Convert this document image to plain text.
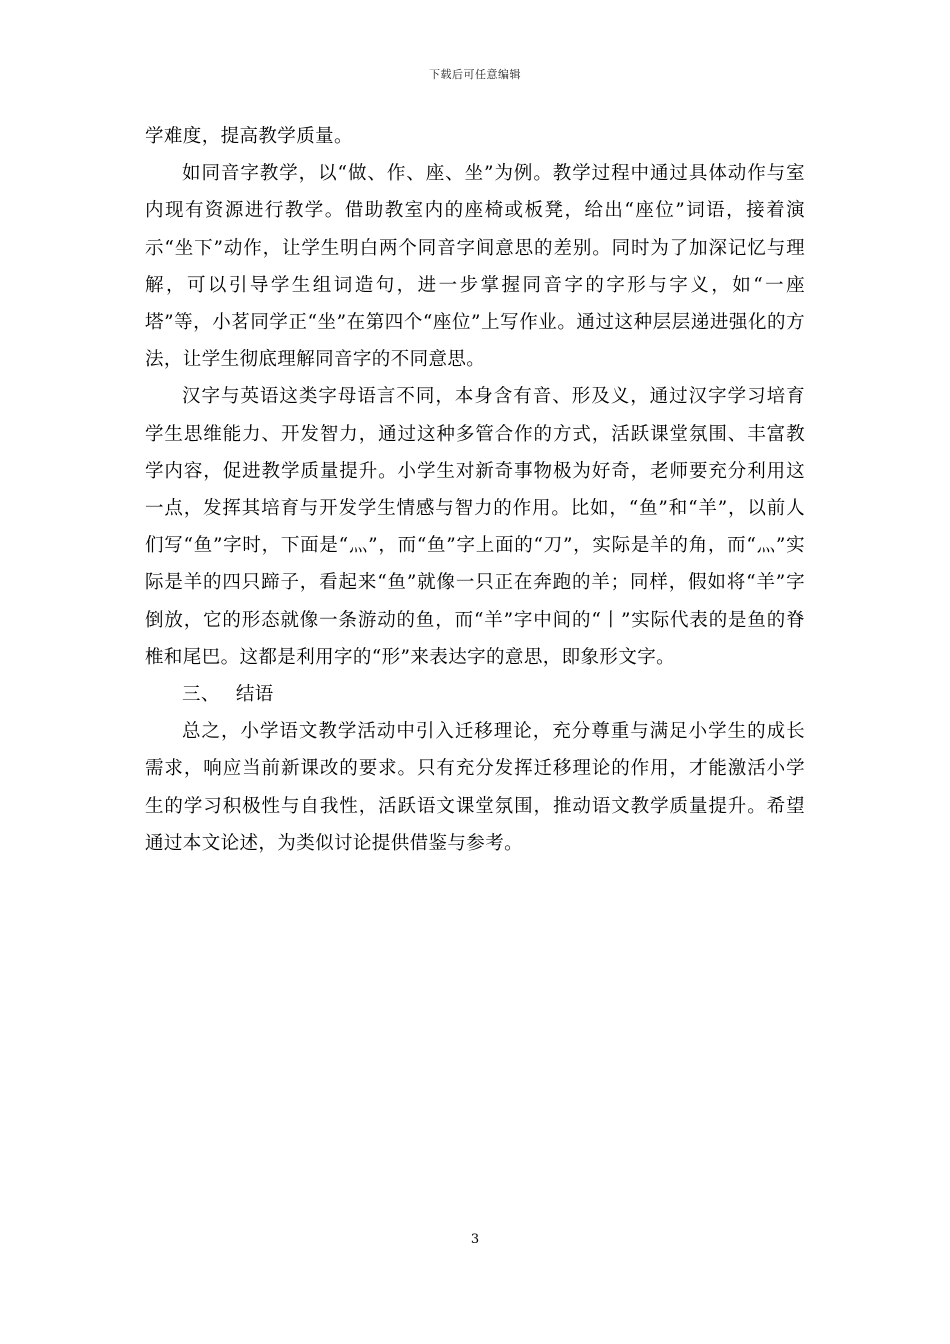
下载后可任意编辑

学难度，提高教学质量。

如同音字教学，以“做、作、座、坐”为例。教学过程中通过具体动作与室内现有资源进行教学。借助教室内的座椅或板凳，给出“座位”词语，接着演示“坐下”动作，让学生明白两个同音字间意思的差别。同时为了加深记忆与理解，可以引导学生组词造句，进一步掌握同音字的字形与字义，如“一座塔”等，小茗同学正“坐”在第四个“座位”上写作业。通过这种层层递进强化的方法，让学生彻底理解同音字的不同意思。

汉字与英语这类字母语言不同，本身含有音、形及义，通过汉字学习培育学生思维能力、开发智力，通过这种多管合作的方式，活跃课堂氛围、丰富教学内容，促进教学质量提升。小学生对新奇事物极为好奇，老师要充分利用这一点，发挥其培育与开发学生情感与智力的作用。比如，“鱼”和“羊”，以前人们写“鱼”字时，下面是“灬”，而“鱼”字上面的“刀”，实际是羊的角，而“灬”实际是羊的四只蹄子，看起来“鱼”就像一只正在奔跑的羊；同样，假如将“羊”字倒放，它的形态就像一条游动的鱼，而“羊”字中间的“丨”实际代表的是鱼的脊椎和尾巴。这都是利用字的“形”来表达字的意思，即象形文字。

三、 结语

总之，小学语文教学活动中引入迁移理论，充分尊重与满足小学生的成长需求，响应当前新课改的要求。只有充分发挥迁移理论的作用，才能激活小学生的学习积极性与自我性，活跃语文课堂氛围，推动语文教学质量提升。希望通过本文论述，为类似讨论提供借鉴与参考。

3
